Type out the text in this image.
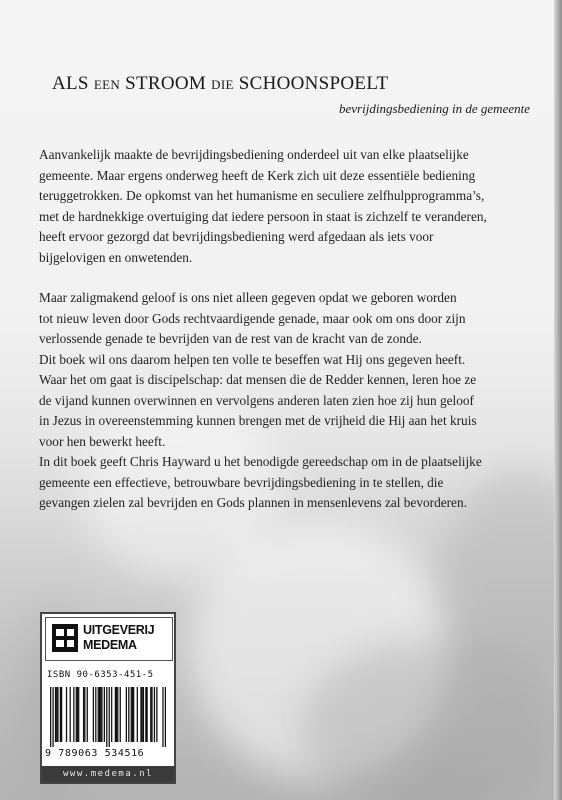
ALS EEN STROOM DIE SCHOONSPOELT

bevrijdingsbediening in de gemeente

Aanvankelijk maakte de bevrijdingsbediening onderdeel uit van elke plaatselijke

gemeente. Maar ergens onderweg heeft de Kerk zich uit deze essentiële bediening

teruggetrokken. De opkomst van het humanisme en seculiere zelfhulpprogramma’s,

met de hardnekkige overtuiging dat iedere persoon in staat is zichzelf te veranderen,

heeft ervoor gezorgd dat bevrijdingsbediening werd afgedaan als iets voor

bijgelovigen en onwetenden.

Maar zaligmakend geloof is ons niet alleen gegeven opdat we geboren worden

tot nieuw leven door Gods rechtvaardigende genade, maar ook om ons door zijn

verlossende genade te bevrijden van de rest van de kracht van de zonde.

Dit boek wil ons daarom helpen ten volle te beseffen wat Hij ons gegeven heeft.

Waar het om gaat is discipelschap: dat mensen die de Redder kennen, leren hoe ze

de vijand kunnen overwinnen en vervolgens anderen laten zien hoe zij hun geloof

in Jezus in overeenstemming kunnen brengen met de vrijheid die Hij aan het kruis

voor hen bewerkt heeft.

In dit boek geeft Chris Hayward u het benodigde gereedschap om in de plaatselijke

gemeente een effectieve, betrouwbare bevrijdingsbediening in te stellen, die

gevangen zielen zal bevrijden en Gods plannen in mensenlevens zal bevorderen.

UITGEVERIJ
MEDEMA
ISBN 90-6353-451-5
9 789063 534516
www.medema.nl
